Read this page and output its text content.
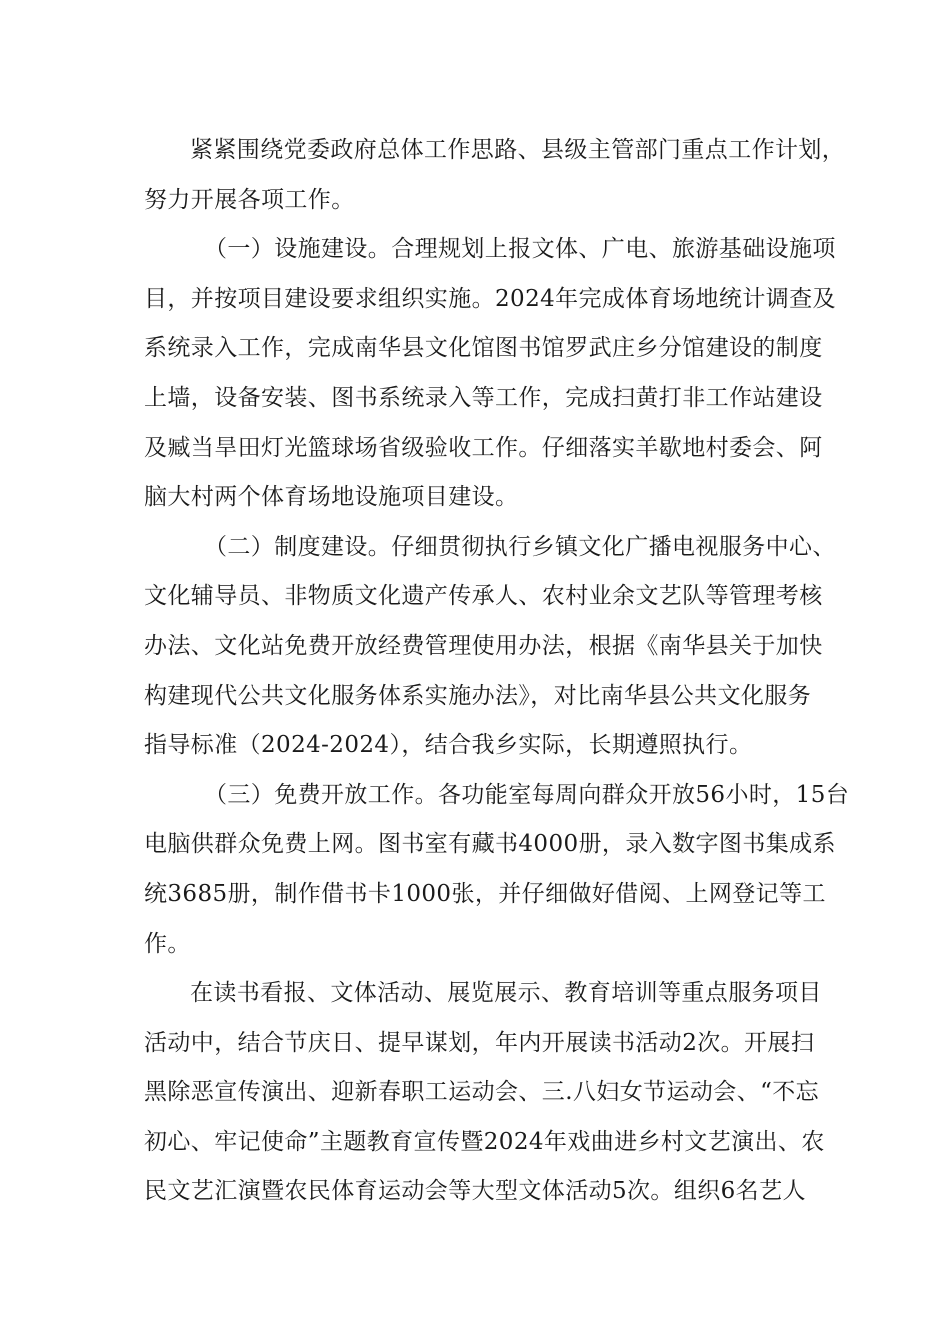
紧紧围绕党委政府总体工作思路、县级主管部门重点工作计划，
努力开展各项工作。
（一）设施建设。合理规划上报文体、广电、旅游基础设施项
目，并按项目建设要求组织实施。2024年完成体育场地统计调查及
系统录入工作，完成南华县文化馆图书馆罗武庄乡分馆建设的制度
上墙，设备安装、图书系统录入等工作，完成扫黄打非工作站建设
及臧当旱田灯光篮球场省级验收工作。仔细落实羊歇地村委会、阿
脑大村两个体育场地设施项目建设。
（二）制度建设。仔细贯彻执行乡镇文化广播电视服务中心、
文化辅导员、非物质文化遗产传承人、农村业余文艺队等管理考核
办法、文化站免费开放经费管理使用办法，根据《南华县关于加快
构建现代公共文化服务体系实施办法》，对比南华县公共文化服务
指导标准（2024-2024），结合我乡实际，长期遵照执行。
（三）免费开放工作。各功能室每周向群众开放56小时，15台
电脑供群众免费上网。图书室有藏书4000册，录入数字图书集成系
统3685册，制作借书卡1000张，并仔细做好借阅、上网登记等工
作。
在读书看报、文体活动、展览展示、教育培训等重点服务项目
活动中，结合节庆日、提早谋划，年内开展读书活动2次。开展扫
黑除恶宣传演出、迎新春职工运动会、三.八妇女节运动会、“不忘
初心、牢记使命”主题教育宣传暨2024年戏曲进乡村文艺演出、农
民文艺汇演暨农民体育运动会等大型文体活动5次。组织6名艺人
